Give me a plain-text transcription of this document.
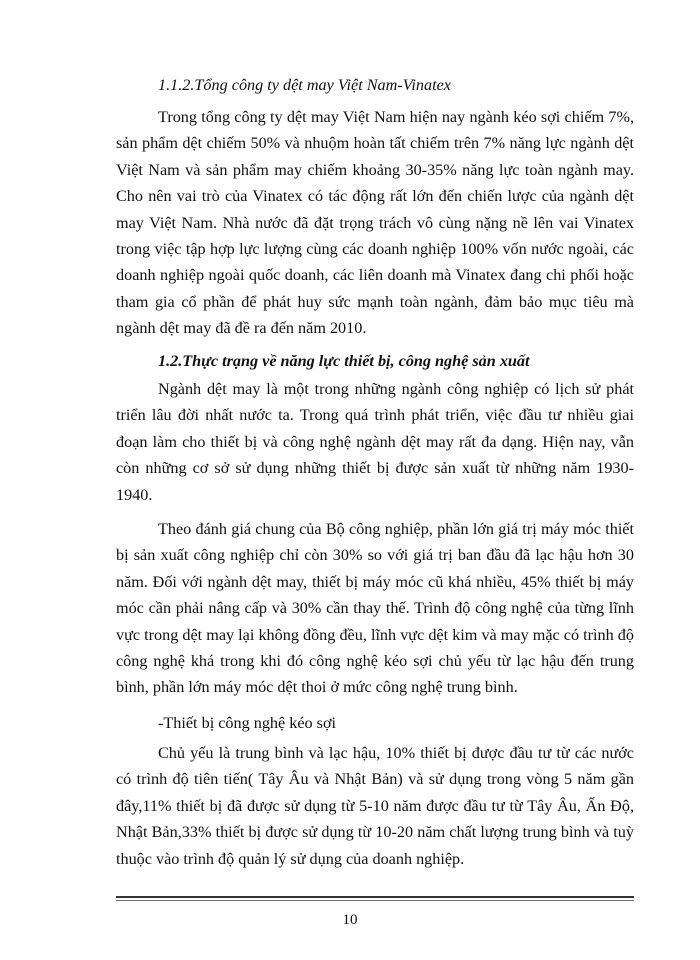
1.1.2.Tổng công ty dệt may Việt Nam-Vinatex

Trong tổng công ty dệt may Việt Nam hiện nay ngành kéo sợi chiếm 7%, sản phẩm dệt chiếm 50% và nhuộm hoàn tất chiếm trên 7% năng lực ngành dệt Việt Nam và sản phẩm may chiếm khoảng 30-35% năng lực toàn ngành may. Cho nên vai trò của Vinatex có tác động rất lớn đến chiến lược của ngành dệt may Việt Nam. Nhà nước đã đặt trọng trách vô cùng nặng nề lên vai Vinatex trong việc tập hợp lực lượng cùng các doanh nghiệp 100% vốn nước ngoài, các doanh nghiệp ngoài quốc doanh, các liên doanh mà Vinatex đang chi phối hoặc tham gia cổ phần để phát huy sức mạnh toàn ngành, đảm bảo mục tiêu mà ngành dệt may đã đề ra đến năm 2010.

1.2.Thực trạng về năng lực thiết bị, công nghệ sản xuất

Ngành dệt may là một trong những ngành công nghiệp có lịch sử phát triển lâu đời nhất nước ta. Trong quá trình phát triển, việc đầu tư nhiều giai đoạn làm cho thiết bị và công nghệ ngành dệt may rất đa dạng. Hiện nay, vẫn còn những cơ sở sử dụng những thiết bị được sản xuất từ những năm 1930-1940.

Theo đánh giá chung của Bộ công nghiệp, phần lớn giá trị máy móc thiết bị sản xuất công nghiệp chỉ còn 30% so với giá trị ban đầu đã lạc hậu hơn 30 năm. Đối với ngành dệt may, thiết bị máy móc cũ khá nhiều, 45% thiết bị máy móc cần phải nâng cấp và 30% cần thay thế. Trình độ công nghệ của từng lĩnh vực trong dệt may lại không đồng đều, lĩnh vực dệt kim và may mặc có trình độ công nghệ khá trong khi đó công nghệ kéo sợi chủ yếu từ lạc hậu đến trung bình, phần lớn máy móc dệt thoi ở mức công nghệ trung bình.

-Thiết bị công nghệ kéo sợi

Chủ yếu là trung bình và lạc hậu, 10% thiết bị được đầu tư từ các nước có trình độ tiên tiến( Tây Âu và Nhật Bản) và sử dụng trong vòng 5 năm gần đây,11% thiết bị đã được sử dụng từ 5-10 năm được đầu tư từ Tây Âu, Ấn Độ, Nhật Bản,33% thiết bị được sử dụng từ 10-20 năm chất lượng trung bình và tuỳ thuộc vào trình độ quản lý sử dụng của doanh nghiệp.

10
